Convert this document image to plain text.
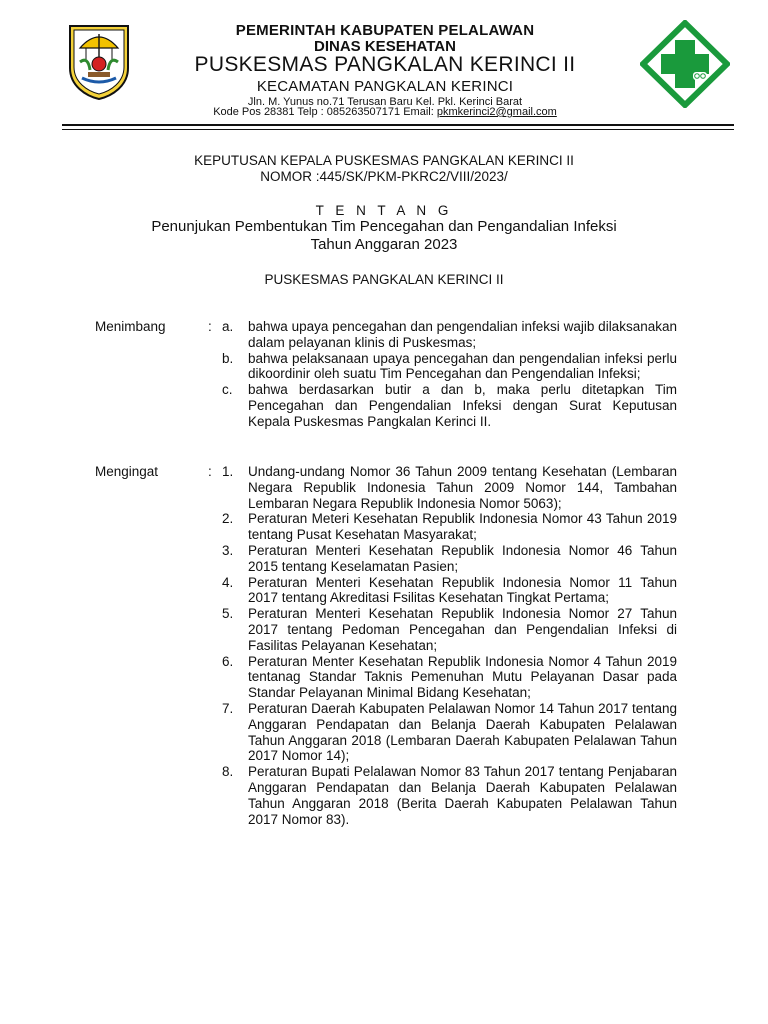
PEMERINTAH KABUPATEN PELALAWAN
DINAS KESEHATAN
PUSKESMAS PANGKALAN KERINCI II
KECAMATAN PANGKALAN KERINCI
Jln. M. Yunus no.71 Terusan Baru Kel. Pkl. Kerinci Barat
Kode Pos 28381 Telp : 085263507171 Email: pkmkerinci2@gmail.com
KEPUTUSAN KEPALA PUSKESMAS PANGKALAN KERINCI II
NOMOR :445/SK/PKM-PKRC2/VIII/2023/
T E N T A N G
Penunjukan Pembentukan Tim Pencegahan dan Pengandalian Infeksi
Tahun Anggaran 2023
PUSKESMAS PANGKALAN KERINCI II
Menimbang	: a. bahwa upaya pencegahan dan pengendalian infeksi wajib dilaksanakan dalam pelayanan klinis di Puskesmas;
b. bahwa pelaksanaan upaya pencegahan dan pengendalian infeksi perlu dikoordinir oleh suatu Tim Pencegahan dan Pengendalian Infeksi;
c. bahwa berdasarkan butir a dan b, maka perlu ditetapkan Tim Pencegahan dan Pengendalian Infeksi dengan Surat Keputusan Kepala Puskesmas Pangkalan Kerinci II.
Mengingat	: 1. Undang-undang Nomor 36 Tahun 2009 tentang Kesehatan (Lembaran Negara Republik Indonesia Tahun 2009 Nomor 144, Tambahan Lembaran Negara Republik Indonesia Nomor 5063);
2. Peraturan Meteri Kesehatan Republik Indonesia Nomor 43 Tahun 2019 tentang Pusat Kesehatan Masyarakat;
3. Peraturan Menteri Kesehatan Republik Indonesia Nomor 46 Tahun 2015 tentang Keselamatan Pasien;
4. Peraturan Menteri Kesehatan Republik Indonesia Nomor 11 Tahun 2017 tentang Akreditasi Fsilitas Kesehatan Tingkat Pertama;
5. Peraturan Menteri Kesehatan Republik Indonesia Nomor 27 Tahun 2017 tentang Pedoman Pencegahan dan Pengendalian Infeksi di Fasilitas Pelayanan Kesehatan;
6. Peraturan Menter Kesehatan Republik Indonesia Nomor 4 Tahun 2019 tentanag Standar Taknis Pemenuhan Mutu Pelayanan Dasar pada Standar Pelayanan Minimal Bidang Kesehatan;
7. Peraturan Daerah Kabupaten Pelalawan Nomor 14 Tahun 2017 tentang Anggaran Pendapatan dan Belanja Daerah Kabupaten Pelalawan Tahun Anggaran 2018 (Lembaran Daerah Kabupaten Pelalawan Tahun 2017 Nomor 14);
8. Peraturan Bupati Pelalawan Nomor 83 Tahun 2017 tentang Penjabaran Anggaran Pendapatan dan Belanja Daerah Kabupaten Pelalawan Tahun Anggaran 2018 (Berita Daerah Kabupaten Pelalawan Tahun 2017 Nomor 83).
